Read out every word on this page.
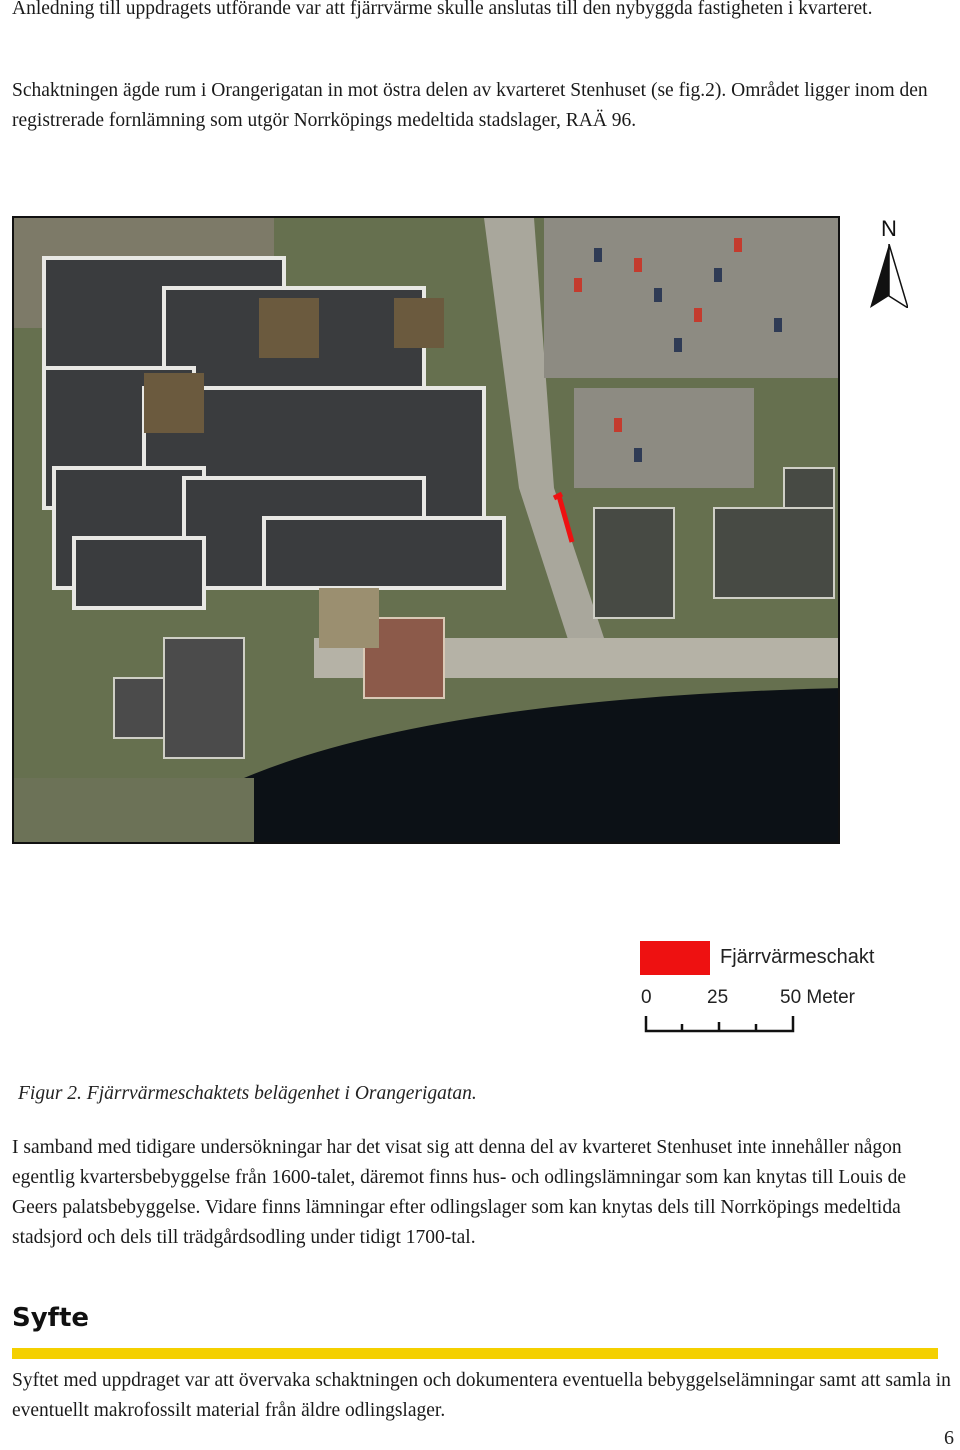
Anledning till uppdragets utförande var att fjärrvärme skulle anslutas till den nybyggda fastigheten i kvarteret.

Schaktningen ägde rum i Orangerigatan in mot östra delen av kvarteret Stenhuset (se fig.2). Området ligger inom den registrerade fornlämning som utgör Norrköpings medeltida stadslager, RAÄ 96.

N
Fjärrvärmeschakt
0	25	50 Meter

Figur 2. Fjärrvärmeschaktets belägenhet i Orangerigatan.

I samband med tidigare undersökningar har det visat sig att denna del av kvarteret Stenhuset inte innehåller någon egentlig kvartersbebyggelse från 1600-talet, däremot finns hus- och odlingslämningar som kan knytas till Louis de Geers palatsbebyggelse. Vidare finns lämningar efter odlingslager som kan knytas dels till Norrköpings medeltida stadsjord och dels till trädgårdsodling under tidigt 1700-tal.

Syfte

Syftet med uppdraget var att övervaka schaktningen och dokumentera eventuella bebyggelselämningar samt att samla in eventuellt makrofossilt material från äldre odlingslager.

6
